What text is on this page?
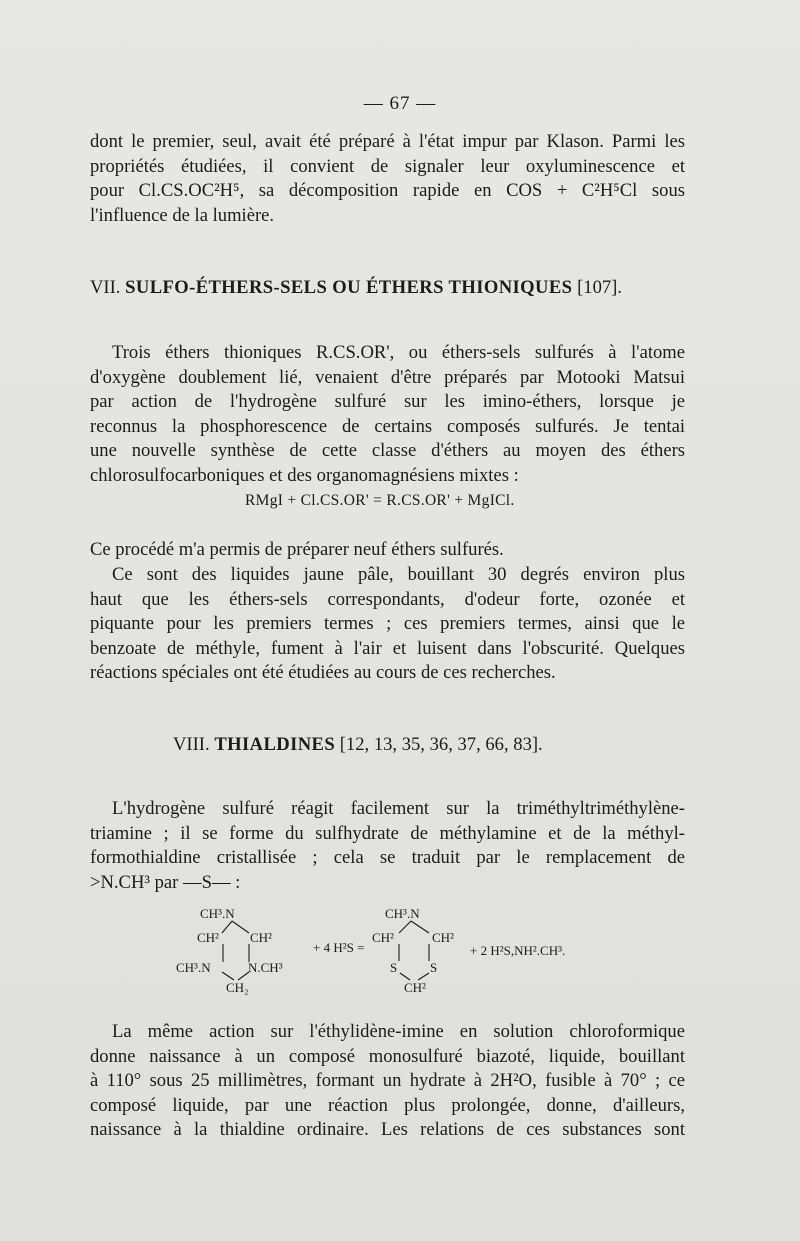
— 67 —
dont le premier, seul, avait été préparé à l'état impur par Klason. Parmi les
propriétés étudiées, il convient de signaler leur oxyluminescence et
pour Cl.CS.OC²H⁵, sa décomposition rapide en COS + C²H⁵Cl sous
l'influence de la lumière.
VII. SULFO-ÉTHERS-SELS OU ÉTHERS THIONIQUES [107].
Trois éthers thioniques R.CS.OR', ou éthers-sels sulfurés à l'atome
d'oxygène doublement lié, venaient d'être préparés par Motooki Matsui
par action de l'hydrogène sulfuré sur les imino-éthers, lorsque je
reconnus la phosphorescence de certains composés sulfurés. Je tentai
une nouvelle synthèse de cette classe d'éthers au moyen des éthers
chlorosulfocarboniques et des organomagnésiens mixtes :
RMgI + Cl.CS.OR' = R.CS.OR' + MgICl.
Ce procédé m'a permis de préparer neuf éthers sulfurés.
Ce sont des liquides jaune pâle, bouillant 30 degrés environ plus
haut que les éthers-sels correspondants, d'odeur forte, ozonée et
piquante pour les premiers termes ; ces premiers termes, ainsi que le
benzoate de méthyle, fument à l'air et luisent dans l'obscurité. Quelques
réactions spéciales ont été étudiées au cours de ces recherches.
VIII. THIALDINES [12, 13, 35, 36, 37, 66, 83].
L'hydrogène sulfuré réagit facilement sur la triméthyltriméthylène-
triamine ; il se forme du sulfhydrate de méthylamine et de la méthyl-
formothialdine cristallisée ; cela se traduit par le remplacement de
>N.CH³ par —S— :
CH³.N
CH² CH²
CH³.N	N.CH³
CH₂
+ 4 H²S =
CH³.N
CH²	CH²
S	S
CH²
+ 2 H²S,NH².CH³.
La même action sur l'éthylidène-imine en solution chloroformique
donne naissance à un composé monosulfuré biazoté, liquide, bouillant
à 110° sous 25 millimètres, formant un hydrate à 2H²O, fusible à 70° ; ce
composé liquide, par une réaction plus prolongée, donne, d'ailleurs,
naissance à la thialdine ordinaire. Les relations de ces substances sont
